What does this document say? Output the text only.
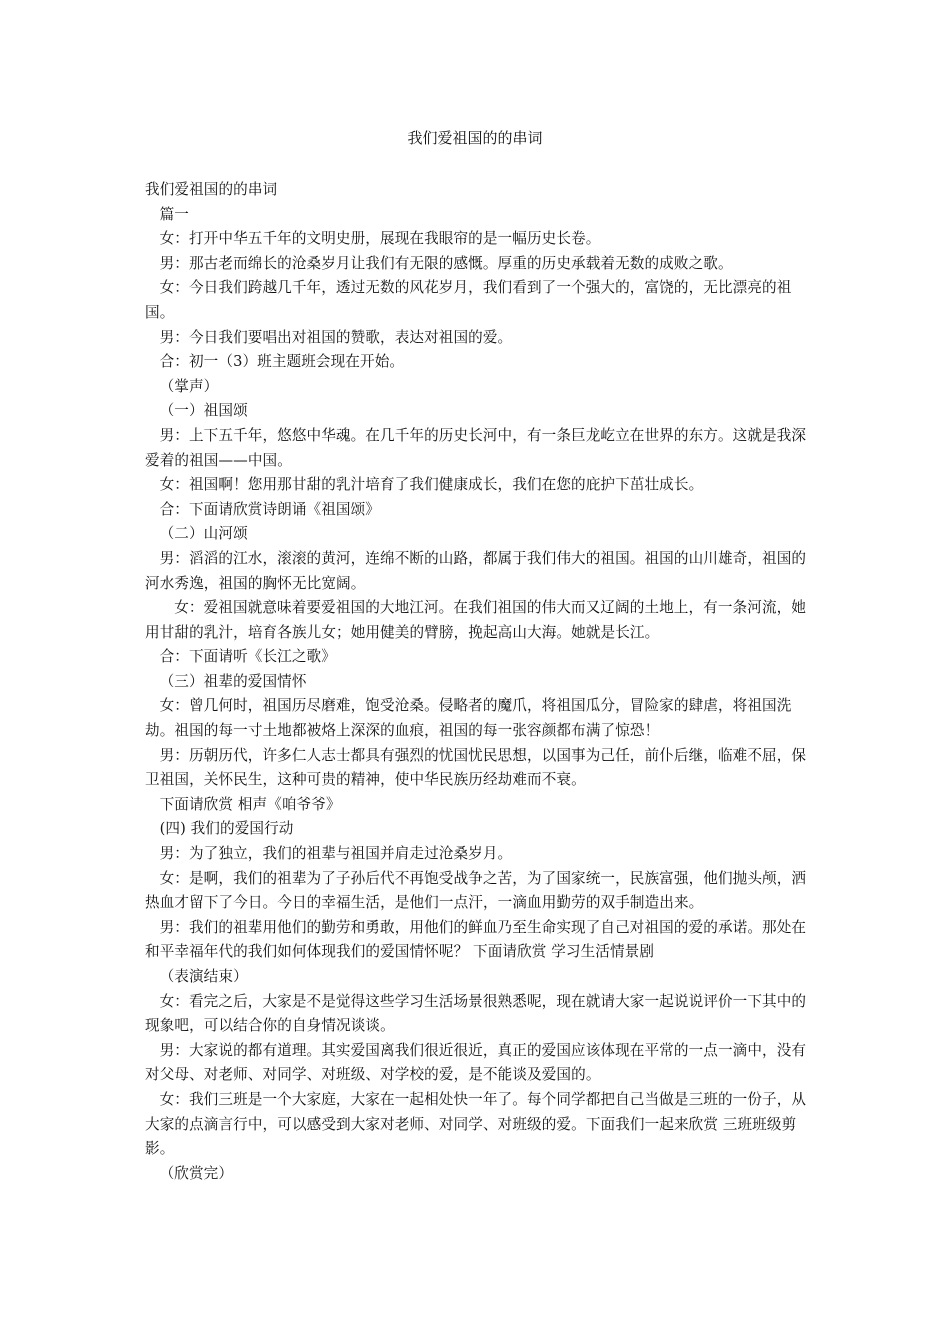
我们爱祖国的的串词

我们爱祖国的的串词

篇一

女：打开中华五千年的文明史册，展现在我眼帘的是一幅历史长卷。

男：那古老而绵长的沧桑岁月让我们有无限的感慨。厚重的历史承载着无数的成败之歌。

女：今日我们跨越几千年，透过无数的风花岁月，我们看到了一个强大的，富饶的，无比漂亮的祖国。

男：今日我们要唱出对祖国的赞歌，表达对祖国的爱。

合：初一（3）班主题班会现在开始。

（掌声）

（一）祖国颂

男：上下五千年，悠悠中华魂。在几千年的历史长河中，有一条巨龙屹立在世界的东方。这就是我深爱着的祖国——中国。

女：祖国啊！您用那甘甜的乳汁培育了我们健康成长，我们在您的庇护下茁壮成长。

合：下面请欣赏诗朗诵《祖国颂》

（二）山河颂

男：滔滔的江水，滚滚的黄河，连绵不断的山路，都属于我们伟大的祖国。祖国的山川雄奇，祖国的河水秀逸，祖国的胸怀无比宽阔。

女：爱祖国就意味着要爱祖国的大地江河。在我们祖国的伟大而又辽阔的土地上，有一条河流，她用甘甜的乳汁，培育各族儿女；她用健美的臂膀，挽起高山大海。她就是长江。

合：下面请听《长江之歌》

（三）祖辈的爱国情怀

女：曾几何时，祖国历尽磨难，饱受沧桑。侵略者的魔爪，将祖国瓜分，冒险家的肆虐，将祖国洗劫。祖国的每一寸土地都被烙上深深的血痕，祖国的每一张容颜都布满了惊恐！

男：历朝历代，许多仁人志士都具有强烈的忧国忧民思想，以国事为己任，前仆后继，临难不屈，保卫祖国，关怀民生，这种可贵的精神，使中华民族历经劫难而不衰。

下面请欣赏 相声《咱爷爷》

(四) 我们的爱国行动

男：为了独立，我们的祖辈与祖国并肩走过沧桑岁月。

女：是啊，我们的祖辈为了子孙后代不再饱受战争之苦，为了国家统一，民族富强，他们抛头颅，洒热血才留下了今日。今日的幸福生活，是他们一点汗，一滴血用勤劳的双手制造出来。

男：我们的祖辈用他们的勤劳和勇敢，用他们的鲜血乃至生命实现了自己对祖国的爱的承诺。那处在和平幸福年代的我们如何体现我们的爱国情怀呢？ 下面请欣赏 学习生活情景剧

（表演结束）

女：看完之后，大家是不是觉得这些学习生活场景很熟悉呢，现在就请大家一起说说评价一下其中的现象吧，可以结合你的自身情况谈谈。

男：大家说的都有道理。其实爱国离我们很近很近，真正的爱国应该体现在平常的一点一滴中，没有对父母、对老师、对同学、对班级、对学校的爱，是不能谈及爱国的。

女：我们三班是一个大家庭，大家在一起相处快一年了。每个同学都把自己当做是三班的一份子，从大家的点滴言行中，可以感受到大家对老师、对同学、对班级的爱。下面我们一起来欣赏 三班班级剪影。

（欣赏完）
